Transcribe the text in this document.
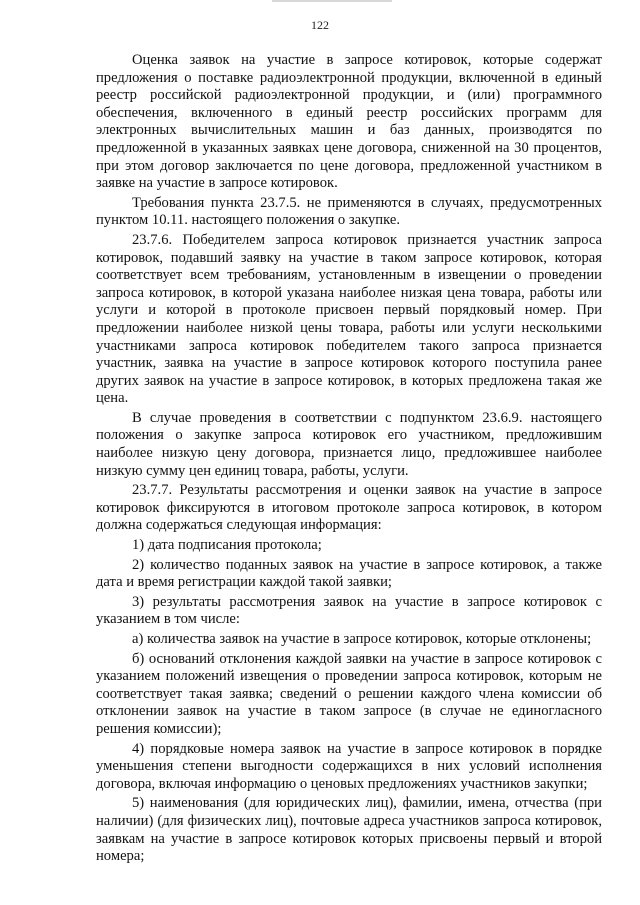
122

Оценка заявок на участие в запросе котировок, которые содержат предложения о поставке радиоэлектронной продукции, включенной в единый реестр российской радиоэлектронной продукции, и (или) программного обеспечения, включенного в единый реестр российских программ для электронных вычислительных машин и баз данных, производятся по предложенной в указанных заявках цене договора, сниженной на 30 процентов, при этом договор заключается по цене договора, предложенной участником в заявке на участие в запросе котировок.

Требования пункта 23.7.5. не применяются в случаях, предусмотренных пунктом 10.11. настоящего положения о закупке.

23.7.6. Победителем запроса котировок признается участник запроса котировок, подавший заявку на участие в таком запросе котировок, которая соответствует всем требованиям, установленным в извещении о проведении запроса котировок, в которой указана наиболее низкая цена товара, работы или услуги и которой в протоколе присвоен первый порядковый номер. При предложении наиболее низкой цены товара, работы или услуги несколькими участниками запроса котировок победителем такого запроса признается участник, заявка на участие в запросе котировок которого поступила ранее других заявок на участие в запросе котировок, в которых предложена такая же цена.

В случае проведения в соответствии с подпунктом 23.6.9. настоящего положения о закупке запроса котировок его участником, предложившим наиболее низкую цену договора, признается лицо, предложившее наиболее низкую сумму цен единиц товара, работы, услуги.

23.7.7. Результаты рассмотрения и оценки заявок на участие в запросе котировок фиксируются в итоговом протоколе запроса котировок, в котором должна содержаться следующая информация:

1) дата подписания протокола;

2) количество поданных заявок на участие в запросе котировок, а также дата и время регистрации каждой такой заявки;

3) результаты рассмотрения заявок на участие в запросе котировок с указанием в том числе:

а) количества заявок на участие в запросе котировок, которые отклонены;

б) оснований отклонения каждой заявки на участие в запросе котировок с указанием положений извещения о проведении запроса котировок, которым не соответствует такая заявка; сведений о решении каждого члена комиссии об отклонении заявок на участие в таком запросе (в случае не единогласного решения комиссии);

4) порядковые номера заявок на участие в запросе котировок в порядке уменьшения степени выгодности содержащихся в них условий исполнения договора, включая информацию о ценовых предложениях участников закупки;

5) наименования (для юридических лиц), фамилии, имена, отчества (при наличии) (для физических лиц), почтовые адреса участников запроса котировок, заявкам на участие в запросе котировок которых присвоены первый и второй номера;
